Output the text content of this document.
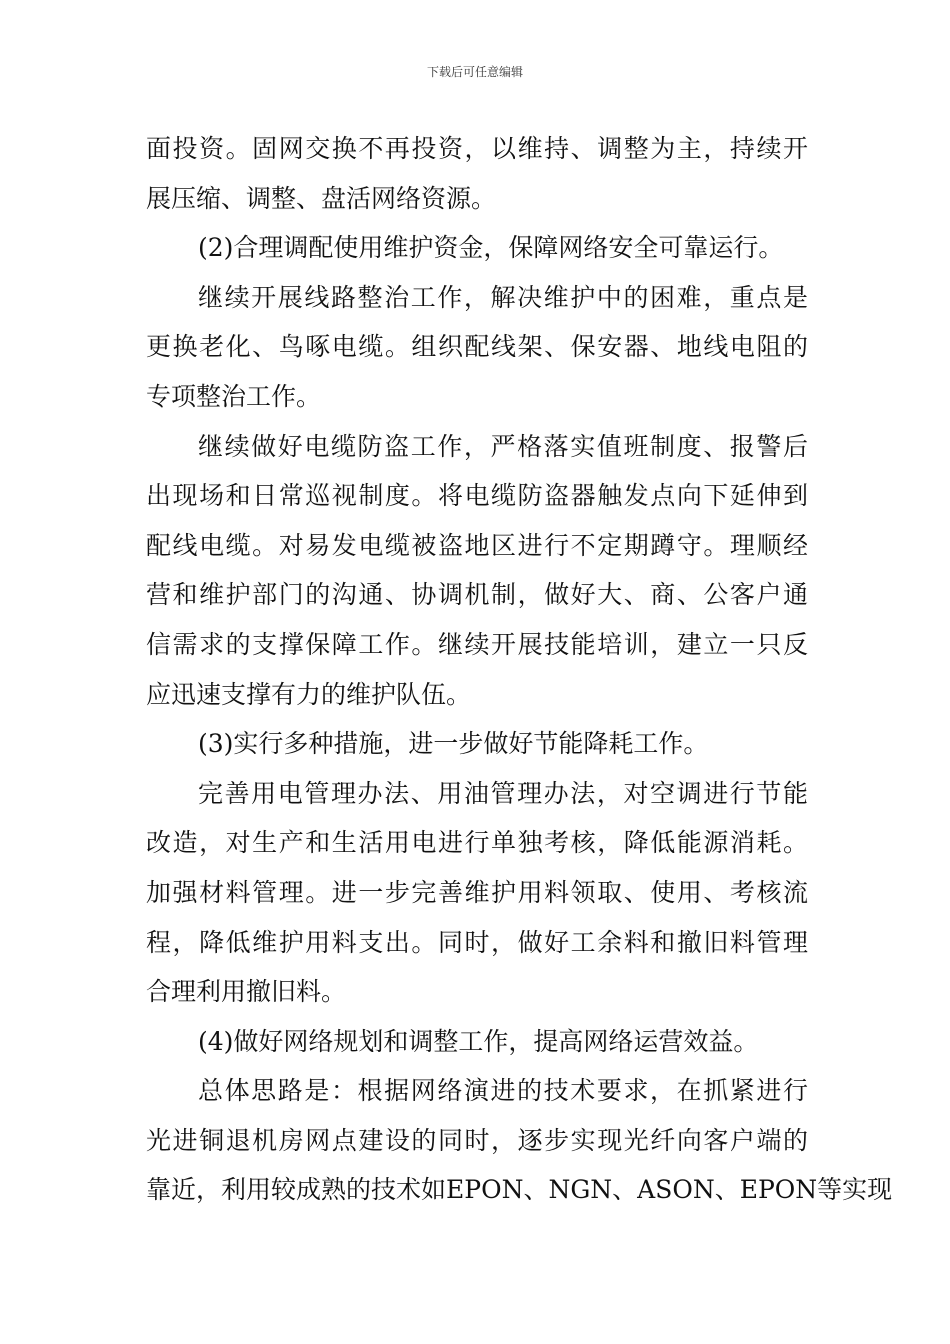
下载后可任意编辑
面投资。固网交换不再投资，以维持、调整为主，持续开
展压缩、调整、盘活网络资源。
(2)合理调配使用维护资金，保障网络安全可靠运行。
继续开展线路整治工作，解决维护中的困难，重点是
更换老化、鸟啄电缆。组织配线架、保安器、地线电阻的
专项整治工作。
继续做好电缆防盗工作，严格落实值班制度、报警后
出现场和日常巡视制度。将电缆防盗器触发点向下延伸到
配线电缆。对易发电缆被盗地区进行不定期蹲守。理顺经
营和维护部门的沟通、协调机制，做好大、商、公客户通
信需求的支撑保障工作。继续开展技能培训，建立一只反
应迅速支撑有力的维护队伍。
(3)实行多种措施，进一步做好节能降耗工作。
完善用电管理办法、用油管理办法，对空调进行节能
改造，对生产和生活用电进行单独考核，降低能源消耗。
加强材料管理。进一步完善维护用料领取、使用、考核流
程，降低维护用料支出。同时，做好工余料和撤旧料管理
合理利用撤旧料。
(4)做好网络规划和调整工作，提高网络运营效益。
总体思路是：根据网络演进的技术要求，在抓紧进行
光进铜退机房网点建设的同时，逐步实现光纤向客户端的
靠近，利用较成熟的技术如EPON、NGN、ASON、EPON等实现
